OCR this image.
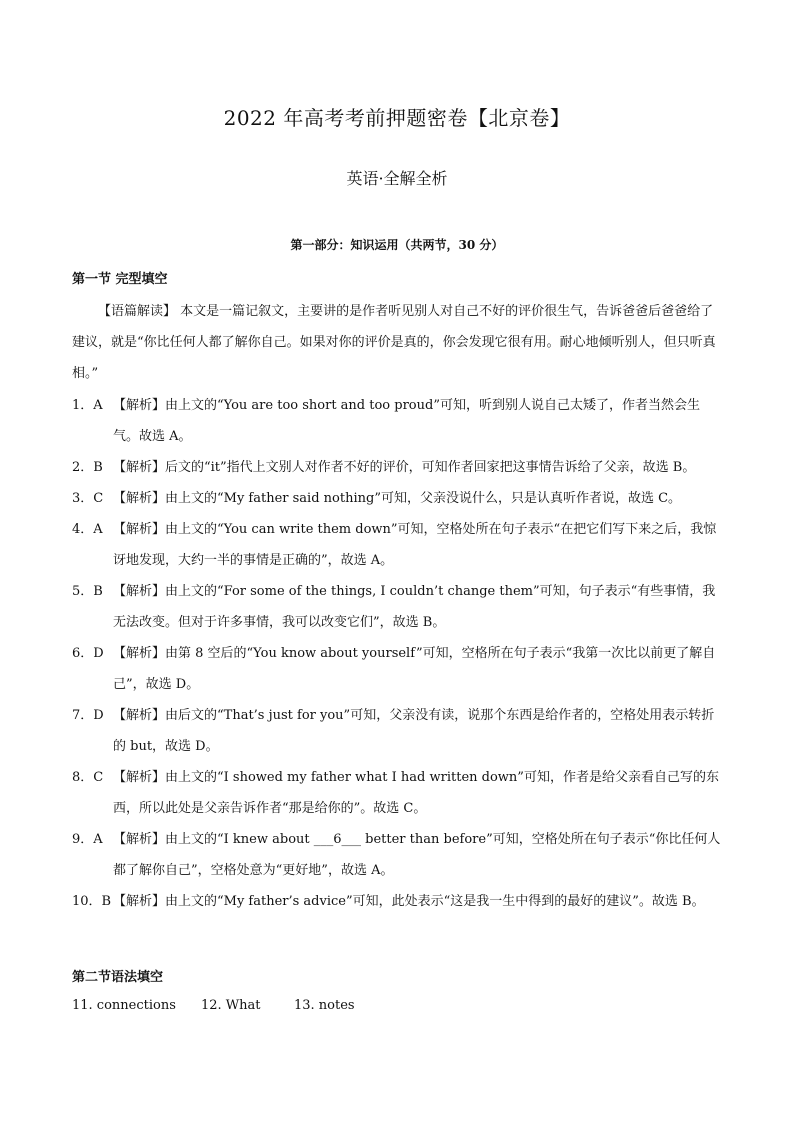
2022 年高考考前押题密卷【北京卷】
英语·全解全析
第一部分：知识运用（共两节，30 分）
第一节 完型填空
【语篇解读】 本文是一篇记叙文，主要讲的是作者听见别人对自己不好的评价很生气，告诉爸爸后爸爸给了建议，就是“你比任何人都了解你自己。如果对你的评价是真的，你会发现它很有用。耐心地倾听别人，但只听真相。”
1．A 【解析】由上文的“You are too short and too proud”可知，听到别人说自己太矮了，作者当然会生气。故选 A。
2．B 【解析】后文的“it”指代上文别人对作者不好的评价，可知作者回家把这事情告诉给了父亲，故选 B。
3．C 【解析】由上文的“My father said nothing”可知，父亲没说什么，只是认真听作者说，故选 C。
4．A 【解析】由上文的“You can write them down”可知，空格处所在句子表示“在把它们写下来之后，我惊讶地发现，大约一半的事情是正确的”，故选 A。
5．B 【解析】由上文的“For some of the things, I couldn’t change them”可知，句子表示“有些事情，我无法改变。但对于许多事情，我可以改变它们”，故选 B。
6．D 【解析】由第 8 空后的“You know about yourself”可知，空格所在句子表示“我第一次比以前更了解自己”，故选 D。
7．D 【解析】由后文的“That’s just for you”可知，父亲没有读，说那个东西是给作者的，空格处用表示转折的 but，故选 D。
8．C 【解析】由上文的“I showed my father what I had written down”可知，作者是给父亲看自己写的东西，所以此处是父亲告诉作者“那是给你的”。故选 C。
9．A 【解析】由上文的“I knew about ___6___ better than before”可知，空格处所在句子表示“你比任何人都了解你自己”，空格处意为“更好地”，故选 A。
10．B 【解析】由上文的“My father’s advice”可知，此处表示“这是我一生中得到的最好的建议”。故选 B。
第二节语法填空
11. connections 12. What	13. notes
